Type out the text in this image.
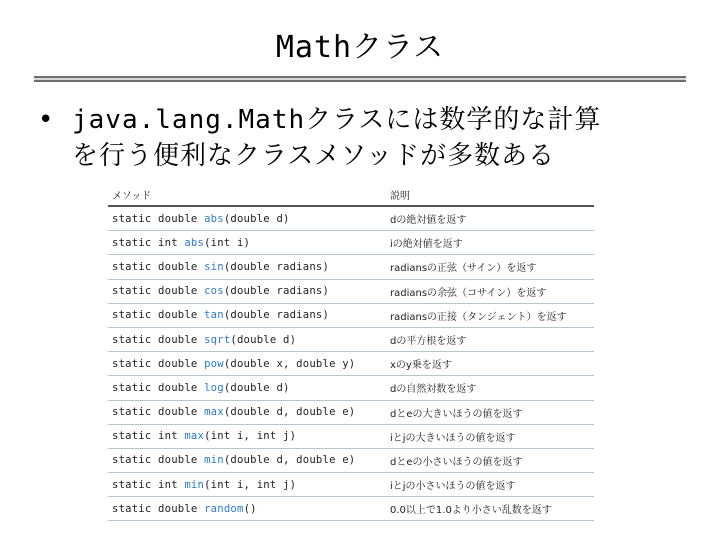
Mathクラス
• java.lang.Mathクラスには数学的な計算
を行う便利なクラスメソッドが多数ある
メソッド	説明
static double abs(double d)	dの絶対値を返す
static int abs(int i)	iの絶対値を返す
static double sin(double radians)	radiansの正弦（サイン）を返す
static double cos(double radians)	radiansの余弦（コサイン）を返す
static double tan(double radians)	radiansの正接（タンジェント）を返す
static double sqrt(double d)	dの平方根を返す
static double pow(double x, double y)	xのy乗を返す
static double log(double d)	dの自然対数を返す
static double max(double d, double e)	dとeの大きいほうの値を返す
static int max(int i, int j)	iとjの大きいほうの値を返す
static double min(double d, double e)	dとeの小さいほうの値を返す
static int min(int i, int j)	iとjの小さいほうの値を返す
static double random()	0.0以上で1.0より小さい乱数を返す
